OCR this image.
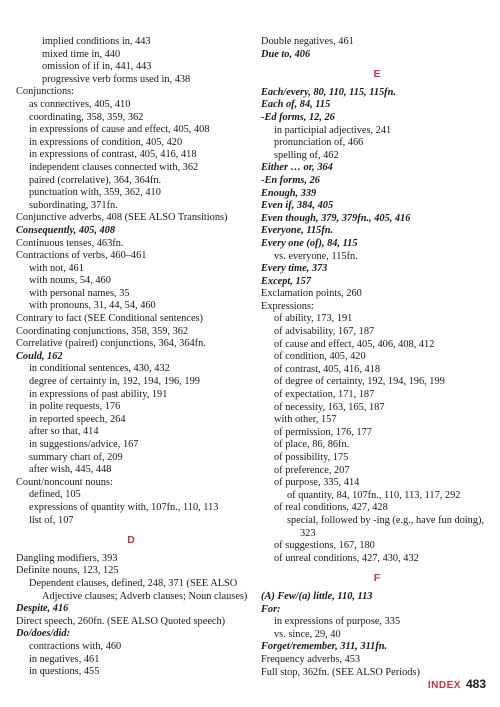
implied conditions in, 443
mixed time in, 440
omission of if in, 441, 443
progressive verb forms used in, 438
Conjunctions:
as connectives, 405, 410
coordinating, 358, 359, 362
in expressions of cause and effect, 405, 408
in expressions of condition, 405, 420
in expressions of contrast, 405, 416, 418
independent clauses connected with, 362
paired (correlative), 364, 364fn.
punctuation with, 359, 362, 410
subordinating, 371fn.
Conjunctive adverbs, 408 (SEE ALSO Transitions)
Consequently, 405, 408
Continuous tenses, 463fn.
Contractions of verbs, 460–461
with not, 461
with nouns, 54, 460
with personal names, 35
with pronouns, 31, 44, 54, 460
Contrary to fact (SEE Conditional sentences)
Coordinating conjunctions, 358, 359, 362
Correlative (paired) conjunctions, 364, 364fn.
Could, 162
in conditional sentences, 430, 432
degree of certainty in, 192, 194, 196, 199
in expressions of past ability, 191
in polite requests, 176
in reported speech, 264
after so that, 414
in suggestions/advice, 167
summary chart of, 209
after wish, 445, 448
Count/noncount nouns:
defined, 105
expressions of quantity with, 107fn., 110, 113
list of, 107
D
Dangling modifiers, 393
Definite nouns, 123, 125
Dependent clauses, defined, 248, 371 (SEE ALSO Adjective clauses; Adverb clauses; Noun clauses)
Despite, 416
Direct speech, 260fn. (SEE ALSO Quoted speech)
Do/does/did:
contractions with, 460
in negatives, 461
in questions, 455
Double negatives, 461
Due to, 406
E
Each/every, 80, 110, 115, 115fn.
Each of, 84, 115
-Ed forms, 12, 26
in participial adjectives, 241
pronunciation of, 466
spelling of, 462
Either … or, 364
-En forms, 26
Enough, 339
Even if, 384, 405
Even though, 379, 379fn., 405, 416
Everyone, 115fn.
Every one (of), 84, 115
vs. everyone, 115fn.
Every time, 373
Except, 157
Exclamation points, 260
Expressions:
of ability, 173, 191
of advisability, 167, 187
of cause and effect, 405, 406, 408, 412
of condition, 405, 420
of contrast, 405, 416, 418
of degree of certainty, 192, 194, 196, 199
of expectation, 171, 187
of necessity, 163, 165, 187
with other, 157
of permission, 176, 177
of place, 86, 86fn.
of possibility, 175
of preference, 207
of purpose, 335, 414
of quantity, 84, 107fn., 110, 113, 117, 292
of real conditions, 427, 428
special, followed by -ing (e.g., have fun doing), 323
of suggestions, 167, 180
of unreal conditions, 427, 430, 432
F
(A) Few/(a) little, 110, 113
For:
in expressions of purpose, 335
vs. since, 29, 40
Forget/remember, 311, 311fn.
Frequency adverbs, 453
Full stop, 362fn. (SEE ALSO Periods)
INDEX 483
